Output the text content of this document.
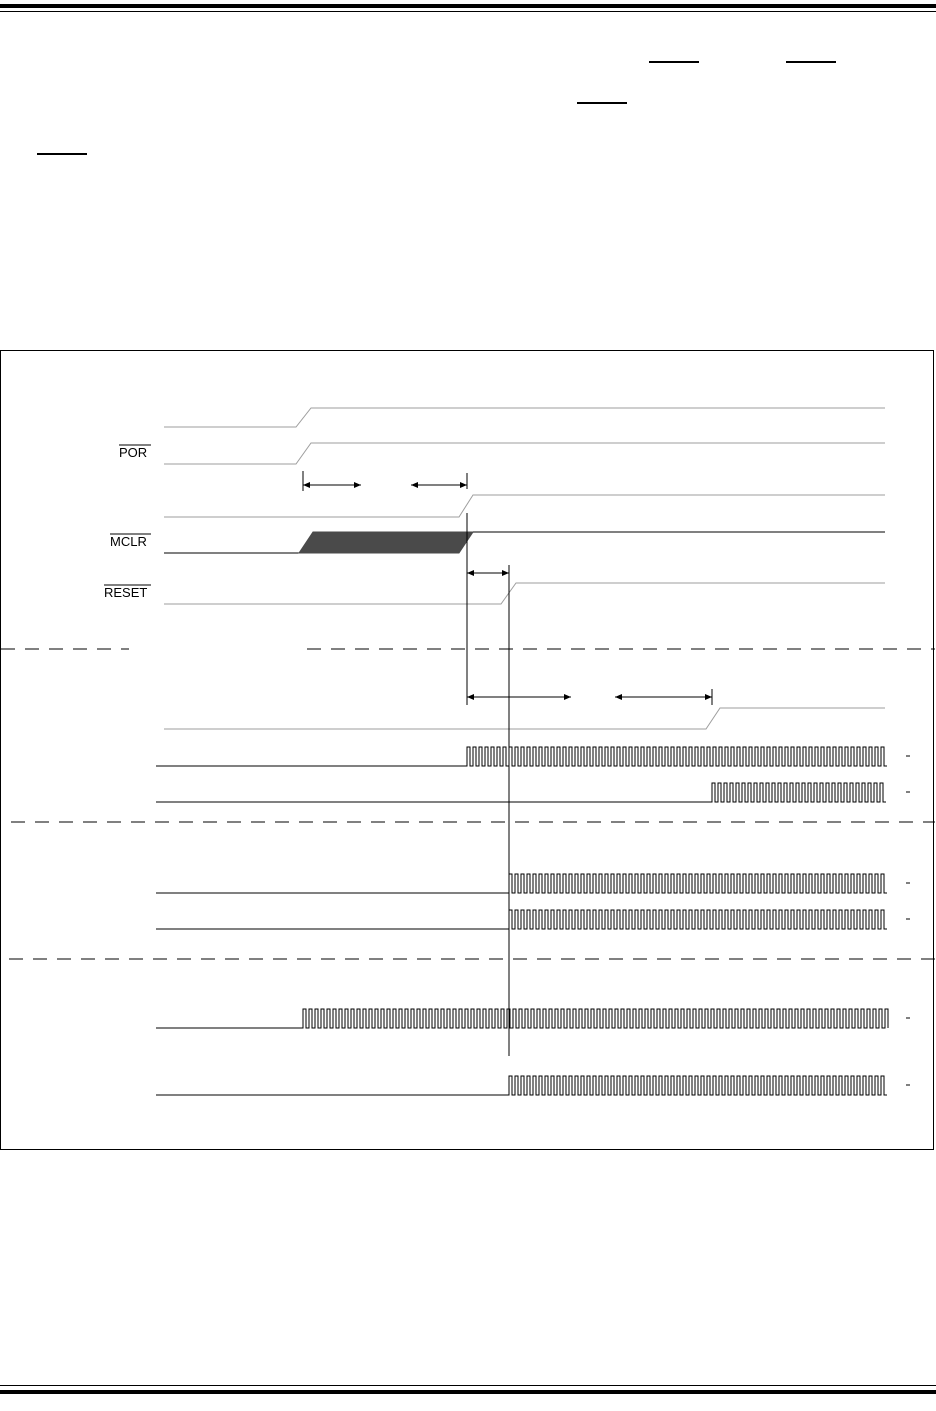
POR
MCLR
RESET
